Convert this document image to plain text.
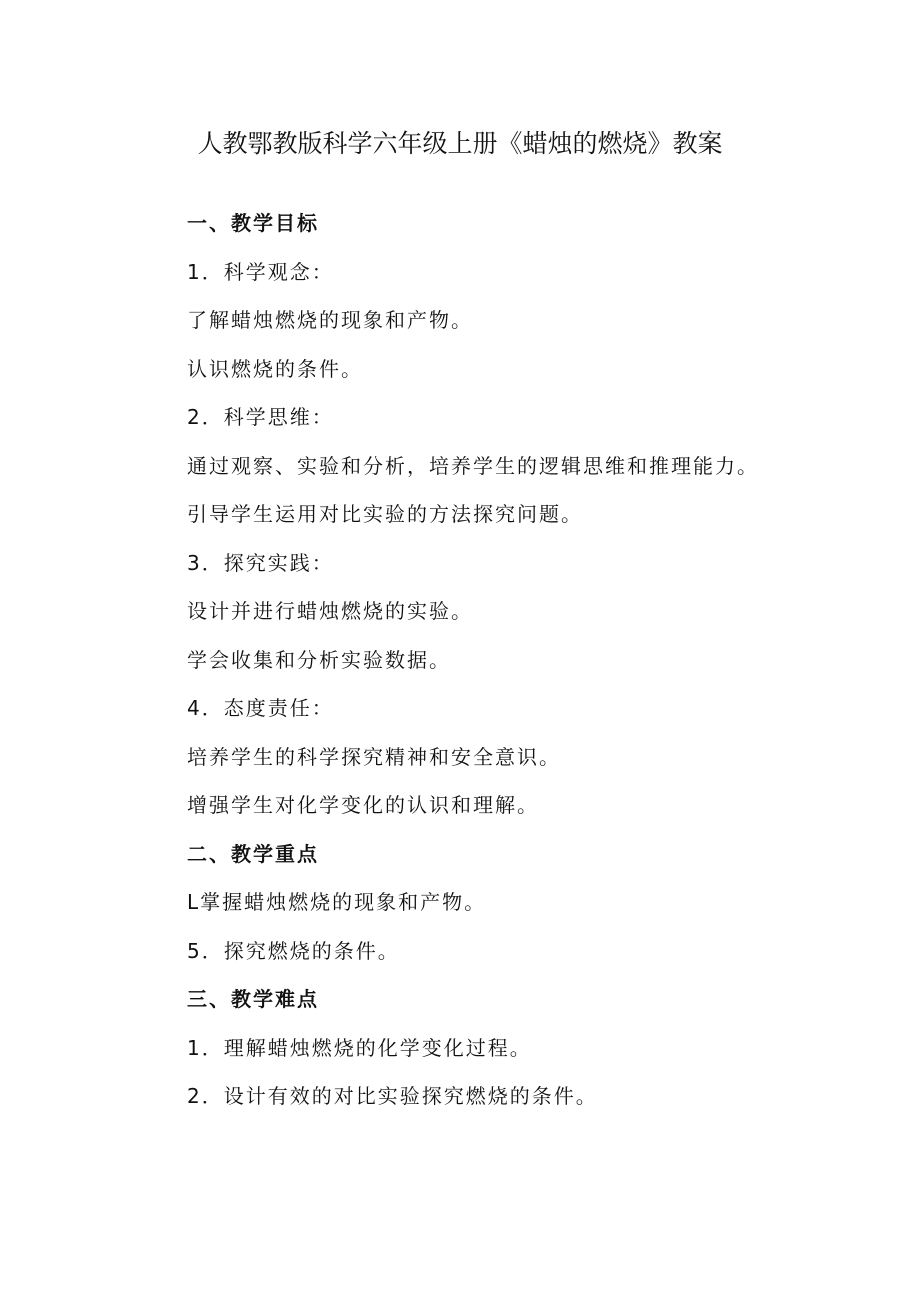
人教鄂教版科学六年级上册《蜡烛的燃烧》教案

一、教学目标

1．科学观念：

了解蜡烛燃烧的现象和产物。

认识燃烧的条件。

2．科学思维：

通过观察、实验和分析，培养学生的逻辑思维和推理能力。

引导学生运用对比实验的方法探究问题。

3．探究实践：

设计并进行蜡烛燃烧的实验。

学会收集和分析实验数据。

4．态度责任：

培养学生的科学探究精神和安全意识。

增强学生对化学变化的认识和理解。

二、教学重点

L掌握蜡烛燃烧的现象和产物。

5．探究燃烧的条件。

三、教学难点

1．理解蜡烛燃烧的化学变化过程。

2．设计有效的对比实验探究燃烧的条件。
